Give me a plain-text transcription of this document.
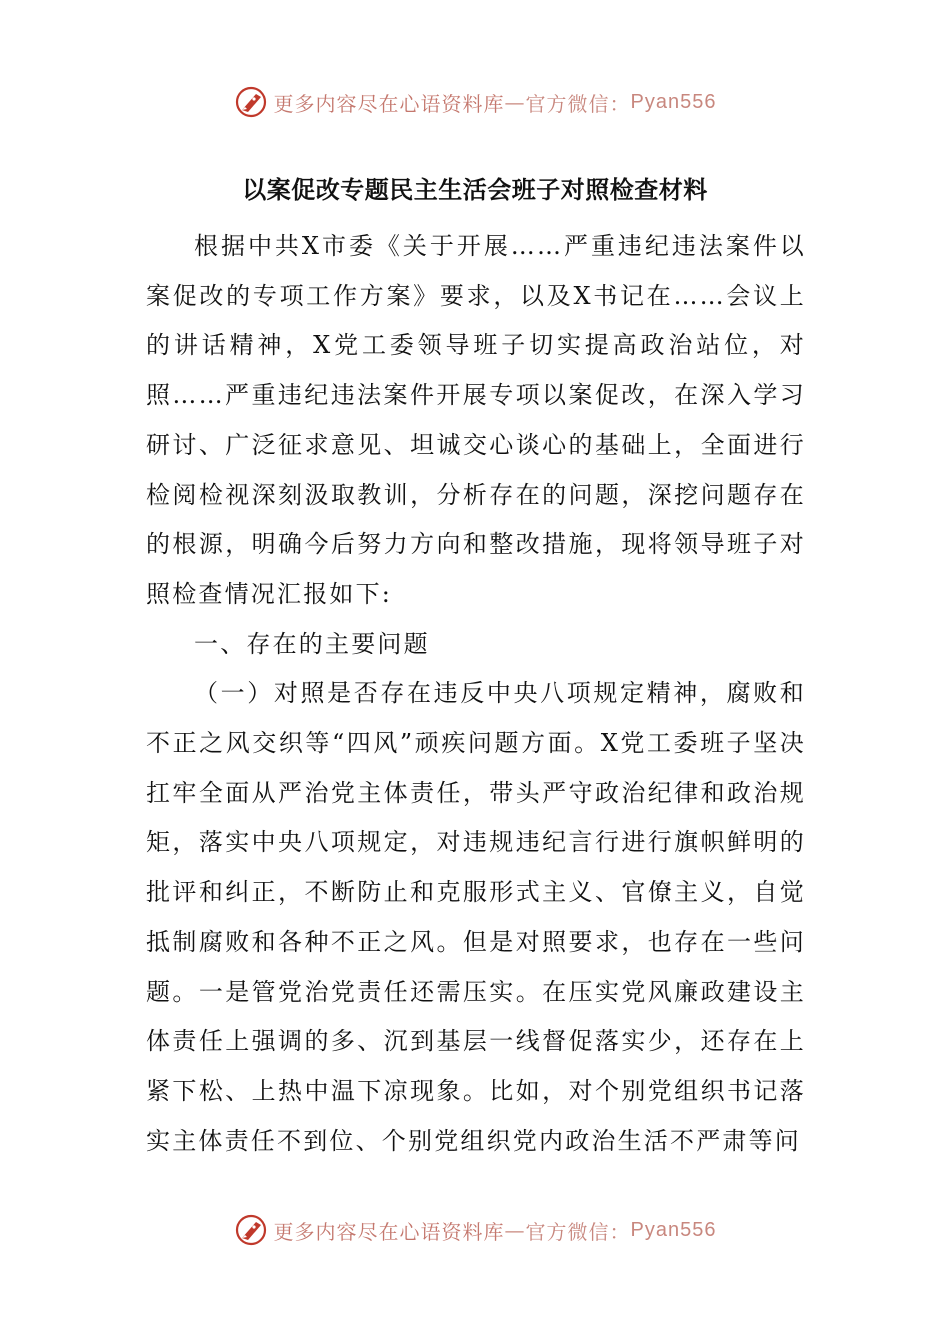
更多内容尽在心语资料库 — 官方微信： Pyan556
以案促改专题民主生活会班子对照检查材料

根据中共X市委《关于开展……严重违纪违法案件以案促改的专项工作方案》要求，以及X书记在……会议上的讲话精神，X党工委领导班子切实提高政治站位，对照……严重违纪违法案件开展专项以案促改，在深入学习研讨、广泛征求意见、坦诚交心谈心的基础上，全面进行检阅检视深刻汲取教训，分析存在的问题，深挖问题存在的根源，明确今后努力方向和整改措施，现将领导班子对照检查情况汇报如下:

一、存在的主要问题

（一）对照是否存在违反中央八项规定精神，腐败和不正之风交织等“四风”顽疾问题方面。X党工委班子坚决扛牢全面从严治党主体责任，带头严守政治纪律和政治规矩，落实中央八项规定，对违规违纪言行进行旗帜鲜明的批评和纠正，不断防止和克服形式主义、官僚主义，自觉抵制腐败和各种不正之风。但是对照要求，也存在一些问题。一是管党治党责任还需压实。在压实党风廉政建设主体责任上强调的多、沉到基层一线督促落实少，还存在上紧下松、上热中温下凉现象。比如，对个别党组织书记落实主体责任不到位、个别党组织党内政治生活不严肃等问

更多内容尽在心语资料库 — 官方微信： Pyan556
